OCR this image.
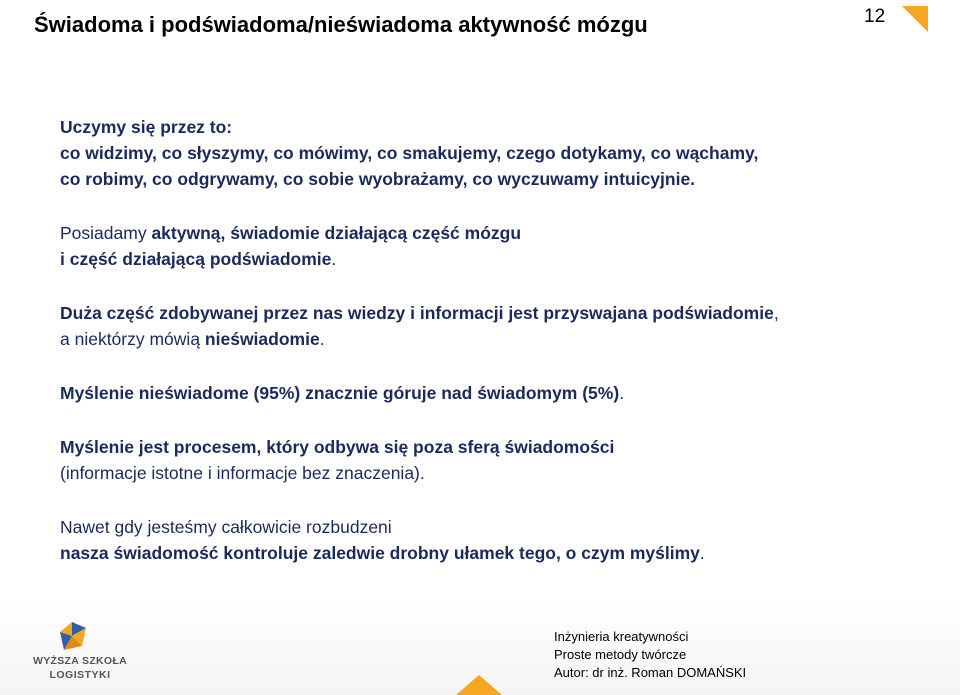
Świadoma i podświadoma/nieświadoma aktywność mózgu	12

Uczymy się przez to:
co widzimy, co słyszymy, co mówimy, co smakujemy, czego dotykamy, co wąchamy,
co robimy, co odgrywamy, co sobie wyobrażamy, co wyczuwamy intuicyjnie.

Posiadamy aktywną, świadomie działającą część mózgu
i część działającą podświadomie.

Duża część zdobywanej przez nas wiedzy i informacji jest przyswajana podświadomie,
a niektórzy mówią nieświadomie.

Myślenie nieświadome (95%) znacznie góruje nad świadomym (5%).

Myślenie jest procesem, który odbywa się poza sferą świadomości
(informacje istotne i informacje bez znaczenia).

Nawet gdy jesteśmy całkowicie rozbudzeni
nasza świadomość kontroluje zaledwie drobny ułamek tego, o czym myślimy.

WYŻSZA SZKOŁA
LOGISTYKI
Inżynieria kreatywności
Proste metody twórcze
Autor: dr inż. Roman DOMAŃSKI
